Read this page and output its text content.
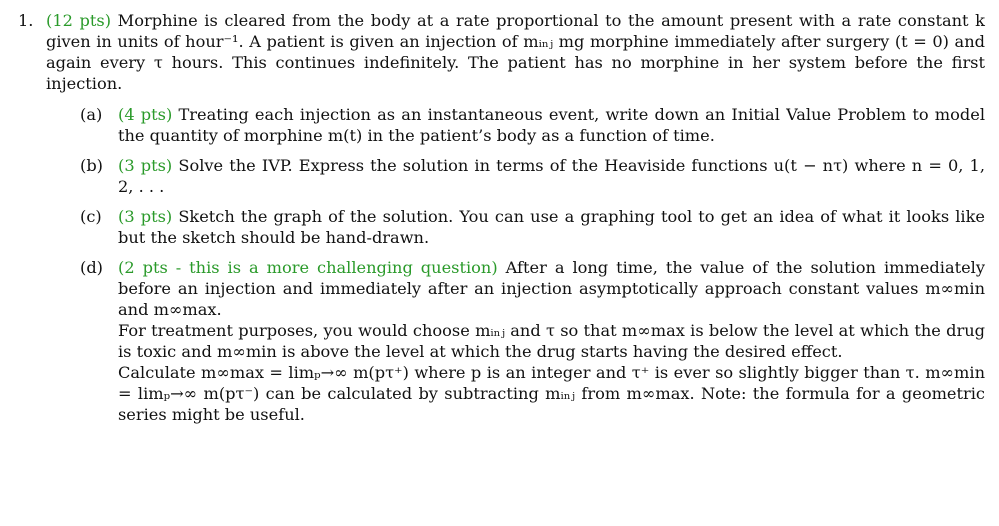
1. (12 pts) Morphine is cleared from the body at a rate proportional to the amount present with a rate constant k given in units of hour⁻¹. A patient is given an injection of mᵢₙⱼ mg morphine immediately after surgery (t = 0) and again every τ hours. This continues indefinitely. The patient has no morphine in her system before the first injection.
(a) (4 pts) Treating each injection as an instantaneous event, write down an Initial Value Problem to model the quantity of morphine m(t) in the patient’s body as a function of time.
(b) (3 pts) Solve the IVP. Express the solution in terms of the Heaviside functions u(t − nτ) where n = 0, 1, 2, . . .
(c)	(3 pts) Sketch the graph of the solution. You can use a graphing tool to get an idea of what it looks like but the sketch should be hand-drawn.
(d) (2 pts - this is a more challenging question) After a long time, the value of the solution immediately before an injection and immediately after an injection asymptotically approach constant values m∞min and m∞max.
For treatment purposes, you would choose mᵢₙⱼ and τ so that m∞max is below the level at which the drug is toxic and m∞min is above the level at which the drug starts having the desired effect.
Calculate m∞max = limₚ→∞ m(pτ⁺) where p is an integer and τ⁺ is ever so slightly bigger than τ. m∞min = limₚ→∞ m(pτ⁻) can be calculated by subtracting mᵢₙⱼ from m∞max. Note: the formula for a geometric series might be useful.
